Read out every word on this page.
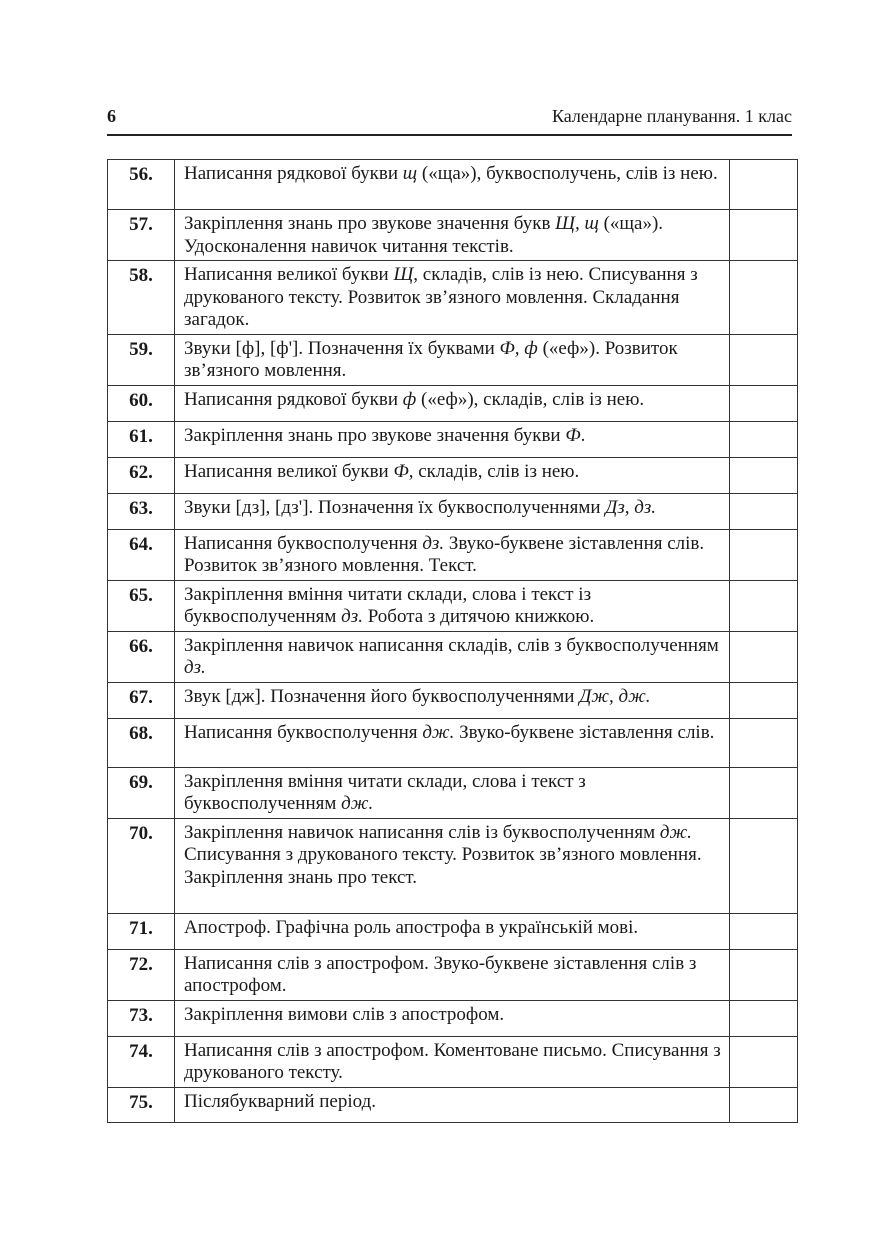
6	Календарне планування. 1 клас
56.	Написання рядкової букви щ («ща»), буквосполучень, слів із нею.	
57.	Закріплення знань про звукове значення букв Щ, щ («ща»). Удосконалення навичок читання текстів.	
58.	Написання великої букви Щ, складів, слів із нею. Списування з друкованого тексту. Розвиток зв’язного мовлення. Складання загадок.	
59.	Звуки [ф], [ф']. Позначення їх буквами Ф, ф («еф»). Розвиток зв’язного мовлення.	
60.	Написання рядкової букви ф («еф»), складів, слів із нею.	
61.	Закріплення знань про звукове значення букви Ф.	
62.	Написання великої букви Ф, складів, слів із нею.	
63.	Звуки [дз], [дз']. Позначення їх буквосполученнями Дз, дз.	
64.	Написання буквосполучення дз. Звуко-буквене зіставлення слів. Розвиток зв’язного мовлення. Текст.	
65.	Закріплення вміння читати склади, слова і текст із буквосполученням дз. Робота з дитячою книжкою.	
66.	Закріплення навичок написання складів, слів з буквосполученням дз.	
67.	Звук [дж]. Позначення його буквосполученнями Дж, дж.	
68.	Написання буквосполучення дж. Звуко-буквене зіставлення слів.	
69.	Закріплення вміння читати склади, слова і текст з буквосполученням дж.	
70.	Закріплення навичок написання слів із буквосполученням дж. Списування з друкованого тексту. Розвиток зв’язного мовлення. Закріплення знань про текст.	
71.	Апостроф. Графічна роль апострофа в українській мові.	
72.	Написання слів з апострофом. Звуко-буквене зіставлення слів з апострофом.	
73.	Закріплення вимови слів з апострофом.	
74.	Написання слів з апострофом. Коментоване письмо. Списування з друкованого тексту.	
75.	Післябукварний період.	
